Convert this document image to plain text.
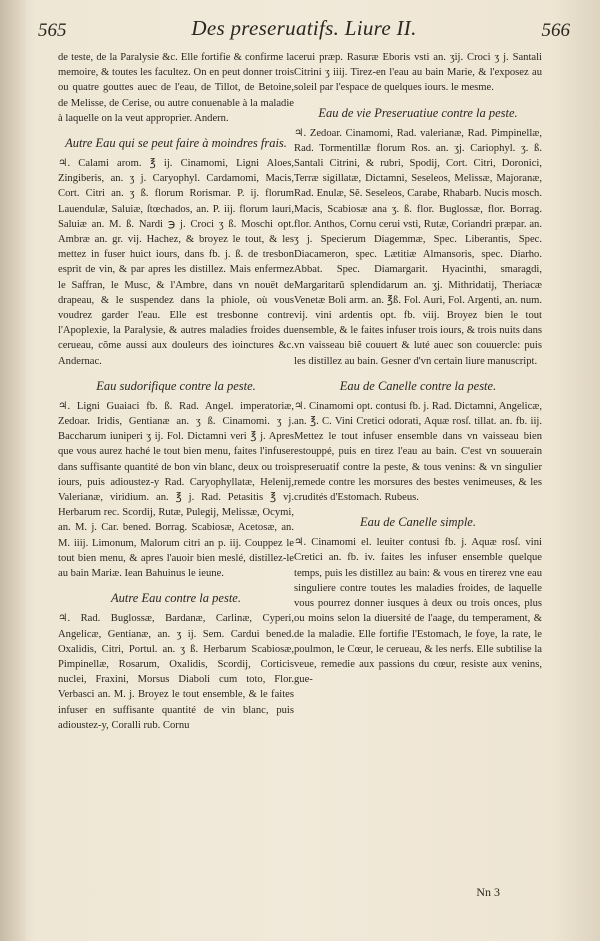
565	Des preseruatifs. Liure II.	566

de teste, de la Paralysie &c. Elle fortifie & confirme la memoire, & toutes les facultez. On en peut donner trois ou quatre gouttes auec de l'eau, de Tillot, de Betoine, de Melisse, de Cerise, ou autre conuenable à la maladie à laquelle on la veut approprier. Andern.

Autre Eau qui se peut faire à moindres frais.

♃. Calami arom. ℥ ij. Cinamomi, Ligni Aloes, Zingiberis, an. ʒ j. Caryophyl. Cardamomi, Macis, Cort. Citri an. ʒ ß. florum Rorismar. P. ij. florum Lauendulæ, Saluiæ, ſtœchados, an. P. iij. florum lauri, Saluiæ an. M. ß. Nardi ℈ j. Croci ʒ ß. Moschi opt. Ambræ an. gr. vij. Hachez, & broyez le tout, & les mettez in fuser huict iours, dans fb. j. ß. de tresbon esprit de vin, & par apres les distillez. Mais enfermez le Saffran, le Musc, & l'Ambre, dans vn nouët de drapeau, & le suspendez dans la phiole, où vous voudrez garder l'eau. Elle est tresbonne contre l'Apoplexie, la Paralysie, & autres maladies froides du cerueau, cõme aussi aux douleurs des ioinctures &c. Andernac.

Eau sudorifique contre la peste.

♃. Ligni Guaiaci fb. ß. Rad. Angel. imperatoriæ, Zedoar. Iridis, Gentianæ an. ʒ ß. Cinamomi. ʒ j. Baccharum iuniperi ʒ ij. Fol. Dictamni veri ℥ j. Apres que vous aurez haché le tout bien menu, faites l'infuser dans suffisante quantité de bon vin blanc, deux ou trois iours, puis adioustez-y Rad. Caryophyllatæ, Helenij, Valerianæ, viridium. an. ℥ j. Rad. Petasitis ℥ vj. Herbarum rec. Scordij, Rutæ, Pulegij, Melissæ, Ocymi, an. M. j. Car. bened. Borrag. Scabiosæ, Acetosæ, an. M. iiij. Limonum, Malorum citri an p. iij. Couppez le tout bien menu, & apres l'auoir bien meslé, distillez-le au bain Mariæ. Iean Bahuinus le ieune.

Autre Eau contre la peste.

♃. Rad. Buglossæ, Bardanæ, Carlinæ, Cyperi, Angelicæ, Gentianæ, an. ʒ ij. Sem. Cardui bened. Oxalidis, Citri, Portul. an. ʒ ß. Herbarum Scabiosæ, Pimpinellæ, Rosarum, Oxalidis, Scordij, Corticis nuclei, Fraxini, Morsus Diaboli cum toto, Flor. Verbasci an. M. j. Broyez le tout ensemble, & le faites infuser en suffisante quantité de vin blanc, puis adioustez-y, Coralli rub. Cornu

ceruі præp. Rasuræ Eboris vsti an. ʒij. Croci ʒ j. Santali Citrini ʒ iiij. Tirez-en l'eau au bain Marie, & l'exposez au soleil par l'espace de quelques iours. le mesme.

Eau de vie Preseruatiue contre la peste.

♃. Zedoar. Cinamomi, Rad. valerianæ, Rad. Pimpinellæ, Rad. Tormentillæ florum Ros. an. ʒj. Cariophyl. ʒ. ß. Santali Citrini, & rubri, Spodij, Cort. Citri, Doronici, Terræ sigillatæ, Dictamni, Seseleos, Melissæ, Majoranæ, Rad. Enulæ, Sẽ. Seseleos, Carabe, Rhabarb. Nucis mosch. Macis, Scabiosæ ana ʒ. ß. flor. Buglossæ, flor. Borrag. flor. Anthos, Cornu cerui vsti, Rutæ, Coriandri præpar. an. ʒ j. Specierum Diagemmæ, Spec. Liberantis, Spec. Diacameron, spec. Lætitiæ Almansoris, spec. Diarho. Abbat. Spec. Diamargarit. Hyacinthi, smaragdi, Margaritarũ splendidarum an. ʒj. Mithridatij, Theriacæ Venetæ Boli arm. an. ℥ß. Fol. Auri, Fol. Argenti, an. num. vij. vini ardentis opt. fb. viij. Broyez bien le tout ensemble, & le faites infuser trois iours, & trois nuits dans vn vaisseau biẽ couuert & luté auec son couuercle: puis les distillez au bain. Gesner d'vn certain liure manuscript.

Eau de Canelle contre la peste.

♃. Cinamomi opt. contusi fb. j. Rad. Dictamni, Angelicæ, an. ℥. C. Vini Cretici odorati, Aquæ rosſ. tillat. an. fb. iij. Mettez le tout infuser ensemble dans vn vaisseau bien estouppé, puis en tirez l'eau au bain. C'est vn souuerain preseruatif contre la peste, & tous venins: & vn singulier remede contre les morsures des bestes venimeuses, & les crudités d'Estomach. Rubeus.

Eau de Canelle simple.

♃. Cinamomi el. leuiter contusi fb. j. Aquæ rosſ. vini Cretici an. fb. iv. faites les infuser ensemble quelque temps, puis les distillez au bain: & vous en tirerez vne eau singuliere contre toutes les maladies froides, de laquelle vous pourrez donner iusques à deux ou trois onces, plus ou moins selon la diuersité de l'aage, du temperament, & de la maladie. Elle fortifie l'Estomach, le foye, la rate, le poulmon, le Cœur, le cerueau, & les nerfs. Elle subtilise la veue, remedie aux passions du cœur, resiste aux venins, gue-

Nn 3
